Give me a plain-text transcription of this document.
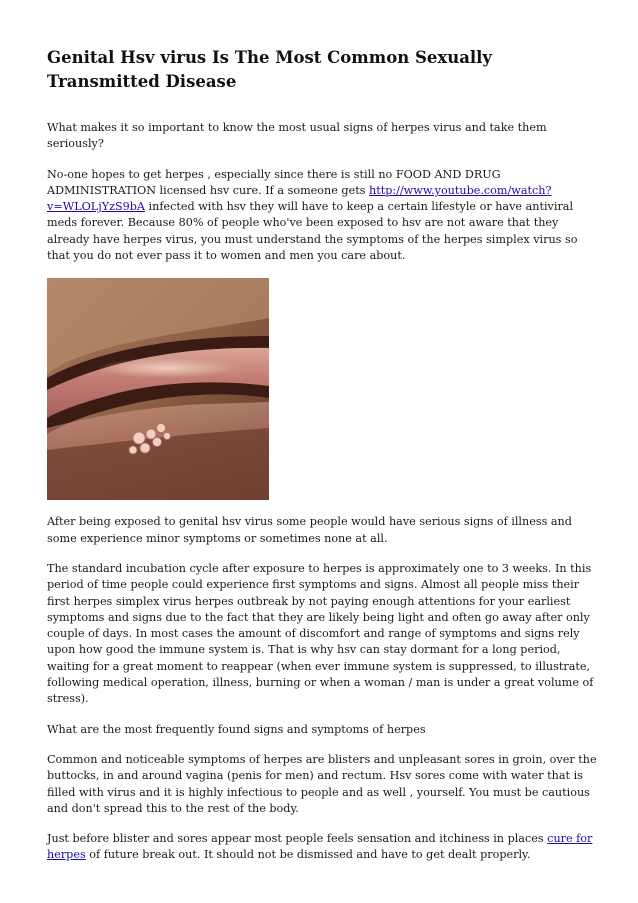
Genital Hsv virus Is The Most Common Sexually Transmitted Disease

What makes it so important to know the most usual signs of herpes virus and take them seriously?

No-one hopes to get herpes , especially since there is still no FOOD AND DRUG ADMINISTRATION licensed hsv cure. If a someone gets http://www.youtube.com/watch?v=WLOLjYzS9bA infected with hsv they will have to keep a certain lifestyle or have antiviral meds forever. Because 80% of people who've been exposed to hsv are not aware that they already have herpes virus, you must understand the symptoms of the herpes simplex virus so that you do not ever pass it to women and men you care about.

After being exposed to genital hsv virus some people would have serious signs of illness and some experience minor symptoms or sometimes none at all.

The standard incubation cycle after exposure to herpes is approximately one to 3 weeks. In this period of time people could experience first symptoms and signs. Almost all people miss their first herpes simplex virus herpes outbreak by not paying enough attentions for your earliest symptoms and signs due to the fact that they are likely being light and often go away after only couple of days. In most cases the amount of discomfort and range of symptoms and signs rely upon how good the immune system is. That is why hsv can stay dormant for a long period, waiting for a great moment to reappear (when ever immune system is suppressed, to illustrate, following medical operation, illness, burning or when a woman / man is under a great volume of stress).

What are the most frequently found signs and symptoms of herpes

Common and noticeable symptoms of herpes are blisters and unpleasant sores in groin, over the buttocks, in and around vagina (penis for men) and rectum. Hsv sores come with water that is filled with virus and it is highly infectious to people and as well , yourself. You must be cautious and don't spread this to the rest of the body.

Just before blister and sores appear most people feels sensation and itchiness in places cure for herpes of future break out. It should not be dismissed and have to get dealt properly.
